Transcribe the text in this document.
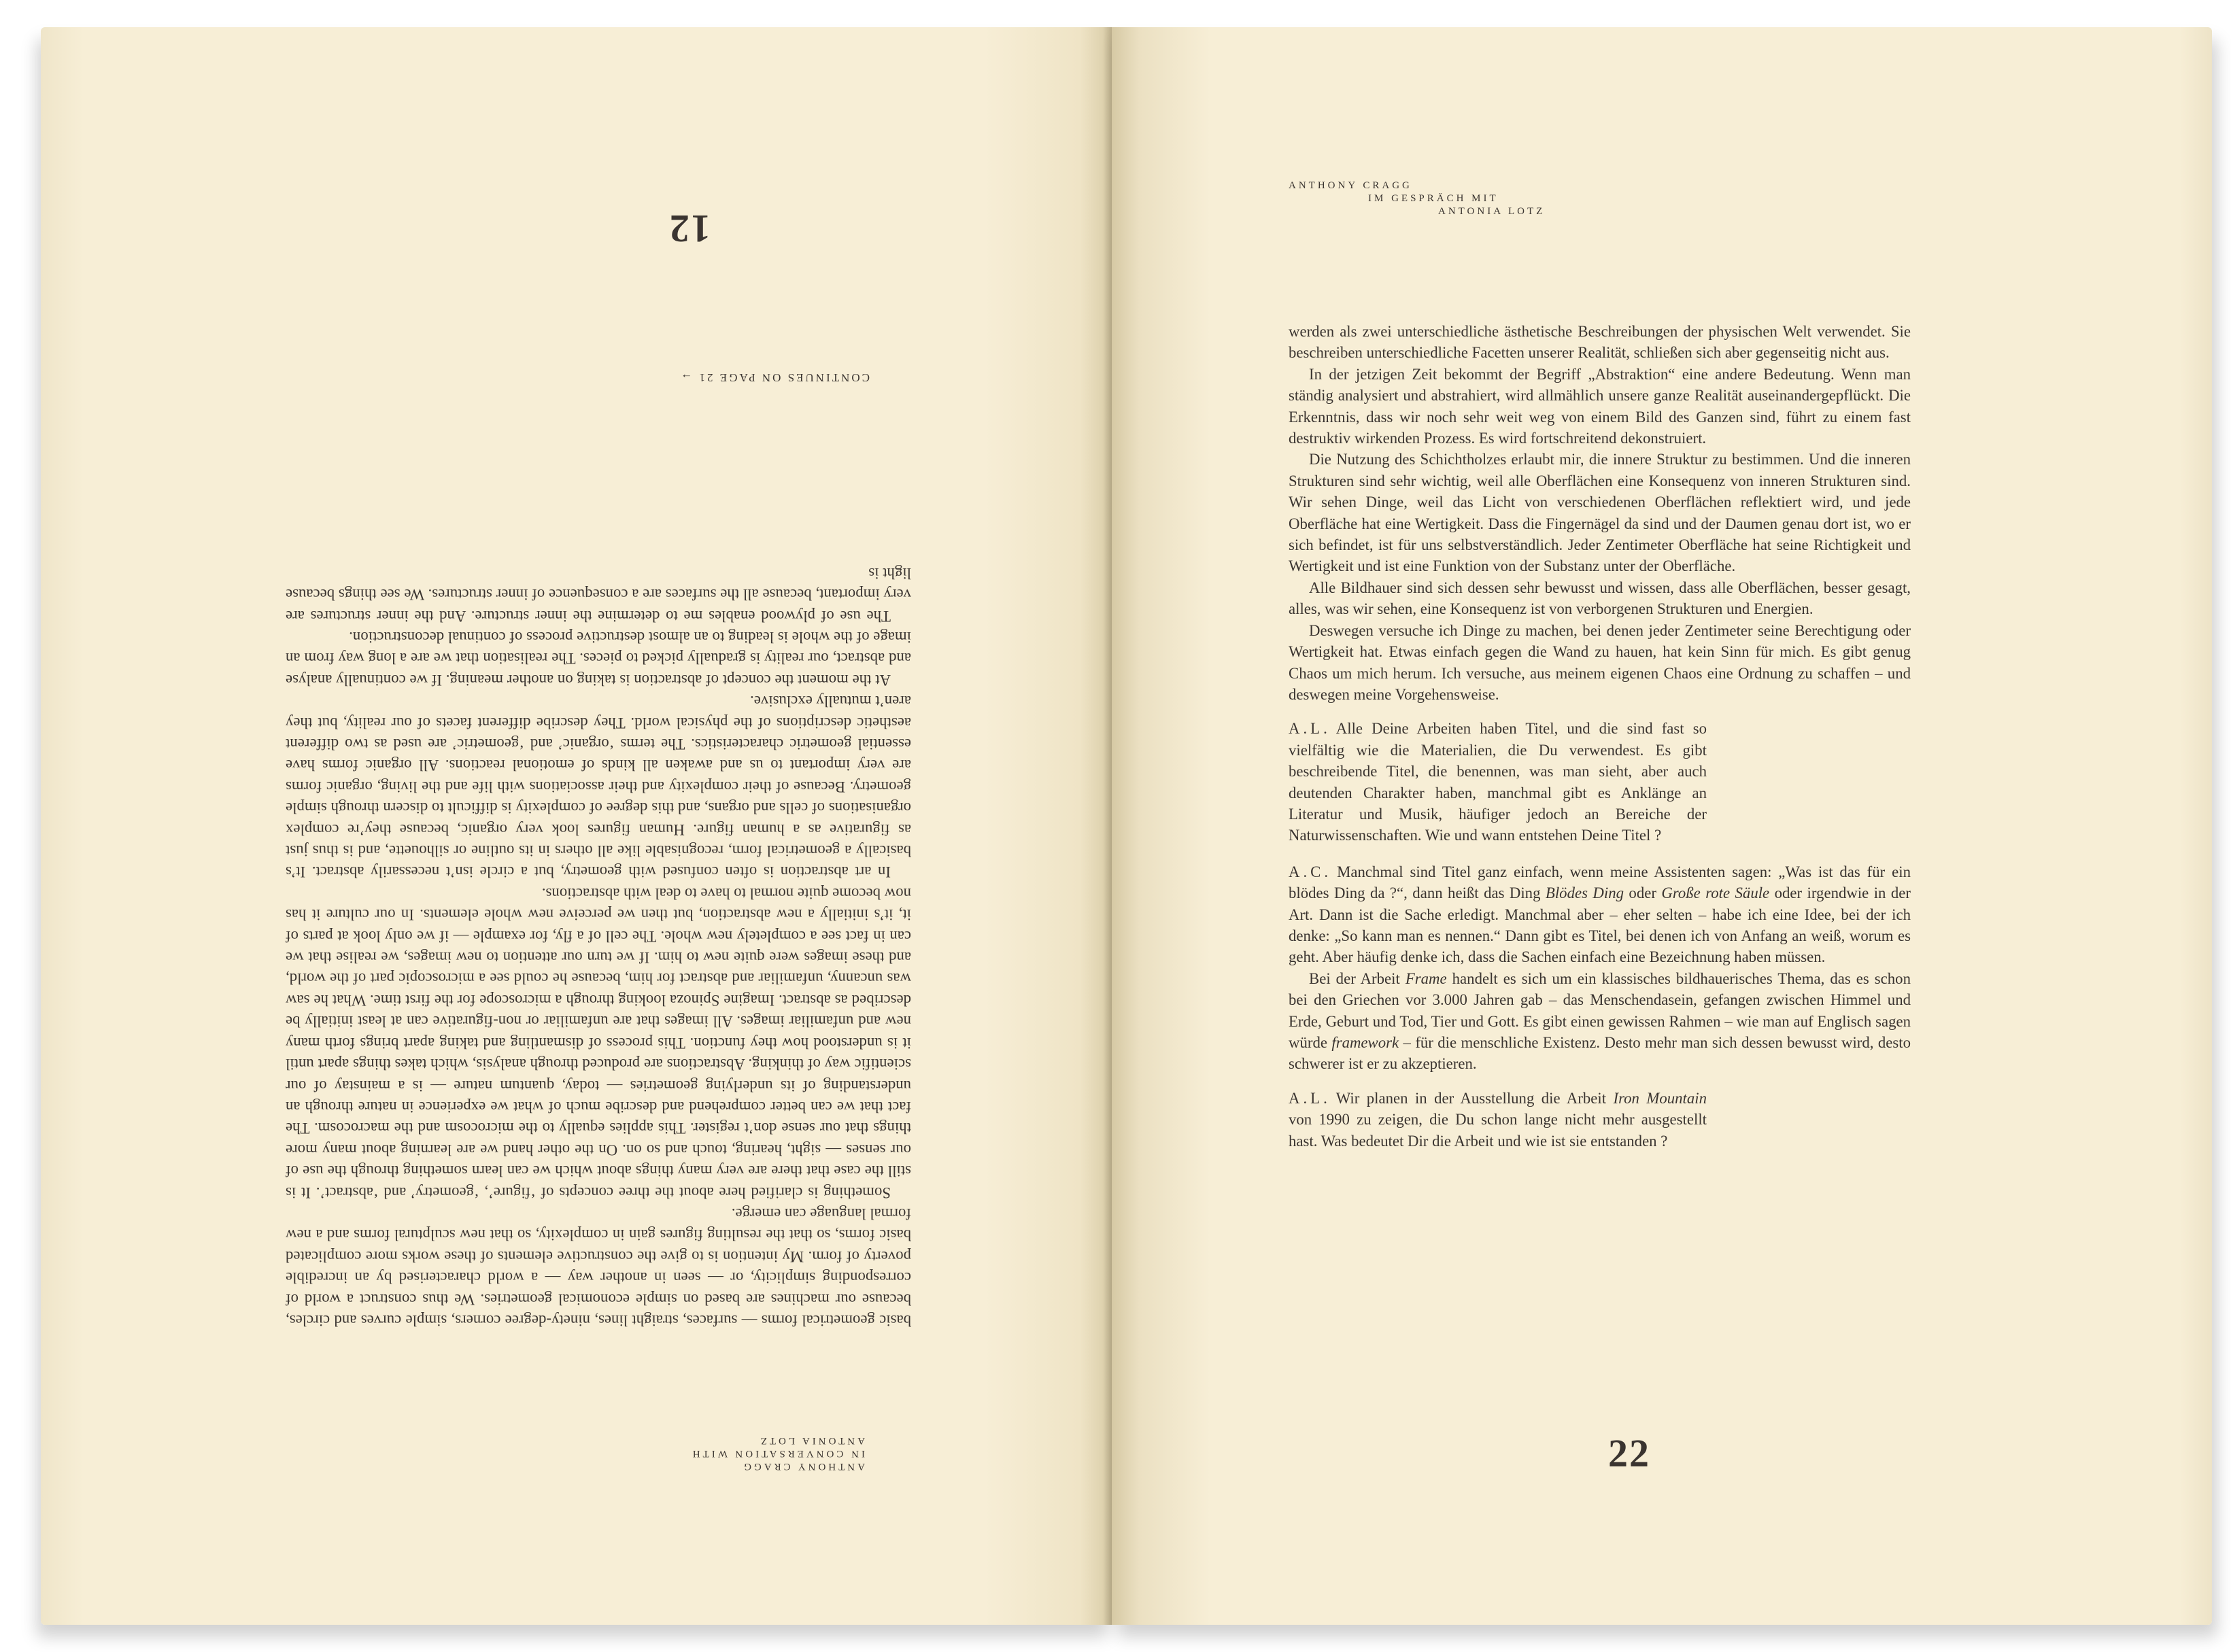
ANTHONY CRAGG
IN CONVERSATION WITH
ANTONIA LOTZ

basic geometrical forms — surfaces, straight lines, ninety-degree corners, simple curves and circles, because our machines are based on simple economical geometries. We thus construct a world of corresponding simplicity, or — seen in another way — a world characterised by an incredible poverty of form. My intention is to give the constructive elements of these works more complicated basic forms, so that the resulting figures gain in complexity, so that new sculptural forms and a new formal language can emerge.

Something is clarified here about the three concepts of ‘figure’, ‘geometry’ and ‘abstract’. It is still the case that there are very many things about which we can learn something through the use of our senses — sight, hearing, touch and so on. On the other hand we are learning about many more things that our sense don’t register. This applies equally to the microcosm and the macrocosm. The fact that we can better comprehend and describe much of what we experience in nature through an understanding of its underlying geometries — today, quantum nature — is a mainstay of our scientific way of thinking. Abstractions are produced through analysis, which takes things apart until it is understood how they function. This process of dismantling and taking apart brings forth many new and unfamiliar images. All images that are unfamiliar or non-figurative can at least initially be described as abstract. Imagine Spinoza looking through a microscope for the first time. What he saw was uncanny, unfamiliar and abstract for him, because he could see a microscopic part of the world, and these images were quite new to him. If we turn our attention to new images, we realise that we can in fact see a completely new whole. The cell of a fly, for example — if we only look at parts of it, it’s initially a new abstraction, but then we perceive new whole elements. In our culture it has now become quite normal to have to deal with abstractions.

In art abstraction is often confused with geometry, but a circle isn’t necessarily abstract. It’s basically a geometrical form, recognisable like all others in its outline or silhouette, and is thus just as figurative as a human figure. Human figures look very organic, because they’re complex organisations of cells and organs, and this degree of complexity is difficult to discern through simple geometry. Because of their complexity and their associations with life and the living, organic forms are very important to us and awaken all kinds of emotional reactions. All organic forms have essential geometric characteristics. The terms ‘organic’ and ‘geometric’ are used as two different aesthetic descriptions of the physical world. They describe different facets of our reality, but they aren’t mutually exclusive.

At the moment the concept of abstraction is taking on another meaning. If we continually analyse and abstract, our reality is gradually picked to pieces. The realisation that we are a long way from an image of the whole is leading to an almost destructive process of continual deconstruction.

The use of plywood enables me to determine the inner structure. And the inner structures are very important, because all the surfaces are a consequence of inner structures. We see things because light is

CONTINUES ON PAGE 21 →
12
ANTHONY CRAGG
IM GESPRÄCH MIT
ANTONIA LOTZ

werden als zwei unterschiedliche ästhetische Beschreibungen der physischen Welt verwendet. Sie beschreiben unterschiedliche Facetten unserer Realität, schließen sich aber gegenseitig nicht aus.

In der jetzigen Zeit bekommt der Begriff „Abstraktion“ eine andere Bedeutung. Wenn man ständig analysiert und abstrahiert, wird allmählich unsere ganze Realität auseinandergepflückt. Die Erkenntnis, dass wir noch sehr weit weg von einem Bild des Ganzen sind, führt zu einem fast destruktiv wirkenden Prozess. Es wird fortschreitend dekonstruiert.

Die Nutzung des Schichtholzes erlaubt mir, die innere Struktur zu bestimmen. Und die inneren Strukturen sind sehr wichtig, weil alle Oberflächen eine Konsequenz von inneren Strukturen sind. Wir sehen Dinge, weil das Licht von verschiedenen Oberflächen reflektiert wird, und jede Oberfläche hat eine Wertigkeit. Dass die Fingernägel da sind und der Daumen genau dort ist, wo er sich befindet, ist für uns selbstverständlich. Jeder Zentimeter Oberfläche hat seine Richtigkeit und Wertigkeit und ist eine Funktion von der Substanz unter der Oberfläche.

Alle Bildhauer sind sich dessen sehr bewusst und wissen, dass alle Oberflächen, besser gesagt, alles, was wir sehen, eine Konsequenz ist von verborgenen Strukturen und Energien.

Deswegen versuche ich Dinge zu machen, bei denen jeder Zentimeter seine Berechtigung oder Wertigkeit hat. Etwas einfach gegen die Wand zu hauen, hat kein Sinn für mich. Es gibt genug Chaos um mich herum. Ich versuche, aus meinem eigenen Chaos eine Ordnung zu schaffen – und deswegen meine Vorgehensweise.

A.L. Alle Deine Arbeiten haben Titel, und die sind fast so vielfältig wie die Materialien, die Du verwendest. Es gibt beschreibende Titel, die benennen, was man sieht, aber auch deutenden Charakter haben, manchmal gibt es Anklänge an Literatur und Musik, häufiger jedoch an Bereiche der Naturwissenschaften. Wie und wann entstehen Deine Titel ?

A.C. Manchmal sind Titel ganz einfach, wenn meine Assistenten sagen: „Was ist das für ein blödes Ding da ?“, dann heißt das Ding Blödes Ding oder Große rote Säule oder irgendwie in der Art. Dann ist die Sache erledigt. Manchmal aber – eher selten – habe ich eine Idee, bei der ich denke: „So kann man es nennen.“ Dann gibt es Titel, bei denen ich von Anfang an weiß, worum es geht. Aber häufig denke ich, dass die Sachen einfach eine Bezeichnung haben müssen.

Bei der Arbeit Frame handelt es sich um ein klassisches bildhauerisches Thema, das es schon bei den Griechen vor 3.000 Jahren gab – das Menschendasein, gefangen zwischen Himmel und Erde, Geburt und Tod, Tier und Gott. Es gibt einen gewissen Rahmen – wie man auf Englisch sagen würde framework – für die menschliche Existenz. Desto mehr man sich dessen bewusst wird, desto schwerer ist er zu akzeptieren.

A.L. Wir planen in der Ausstellung die Arbeit Iron Mountain von 1990 zu zeigen, die Du schon lange nicht mehr ausgestellt hast. Was bedeutet Dir die Arbeit und wie ist sie entstanden ?

22
